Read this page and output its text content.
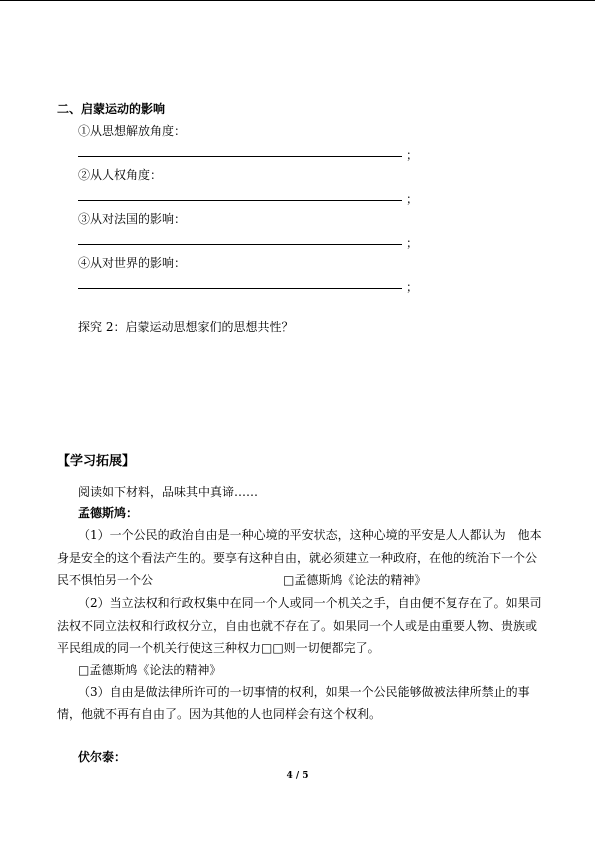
二、启蒙运动的影响
①从思想解放角度：
；
②从人权角度：
；
③从对法国的影响：
；
④从对世界的影响：
；
探究 2：启蒙运动思想家们的思想共性？
【学习拓展】
阅读如下材料，品味其中真谛……
孟德斯鸠：
（1）一个公民的政治自由是一种心境的平安状态，这种心境的平安是人人都认为　他本
身是安全的这个看法产生的。要享有这种自由，就必须建立一种政府，在他的统治下一个公
民不惧怕另一个公	□孟德斯鸠《论法的精神》
（2）当立法权和行政权集中在同一个人或同一个机关之手，自由便不复存在了。如果司
法权不同立法权和行政权分立，自由也就不存在了。如果同一个人或是由重要人物、贵族或
平民组成的同一个机关行使这三种权力□□则一切便都完了。
□孟德斯鸠《论法的精神》
（3）自由是做法律所许可的一切事情的权利，如果一个公民能够做被法律所禁止的事
情，他就不再有自由了。因为其他的人也同样会有这个权利。
伏尔泰：
4 / 5
